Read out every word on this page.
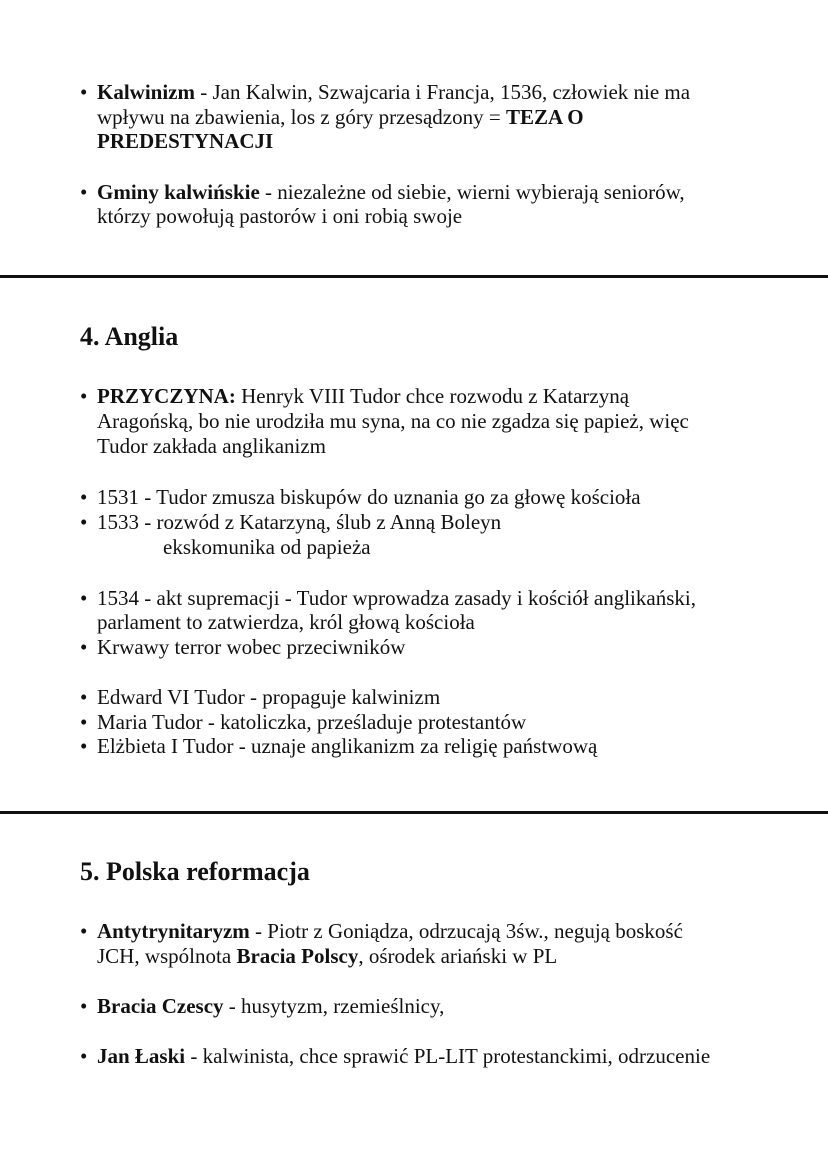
• Kalwinizm - Jan Kalwin, Szwajcaria i Francja, 1536, człowiek nie ma
wpływu na zbawienia, los z góry przesądzony = TEZA O
PREDESTYNACJI
• Gminy kalwińskie - niezależne od siebie, wierni wybierają seniorów,
którzy powołują pastorów i oni robią swoje
4. Anglia
• PRZYCZYNA: Henryk VIII Tudor chce rozwodu z Katarzyną
Aragońską, bo nie urodziła mu syna, na co nie zgadza się papież, więc
Tudor zakłada anglikanizm
• 1531 - Tudor zmusza biskupów do uznania go za głowę kościoła
• 1533 - rozwód z Katarzyną, ślub z Anną Boleyn
ekskomunika od papieża
• 1534 - akt supremacji - Tudor wprowadza zasady i kościół anglikański,
parlament to zatwierdza, król głową kościoła
• Krwawy terror wobec przeciwników
• Edward VI Tudor - propaguje kalwinizm
• Maria Tudor - katoliczka, prześladuje protestantów
• Elżbieta I Tudor - uznaje anglikanizm za religię państwową
5. Polska reformacja
• Antytrynitaryzm - Piotr z Goniądza, odrzucają 3św., negują boskość
JCH, wspólnota Bracia Polscy, ośrodek ariański w PL
• Bracia Czescy - husytyzm, rzemieślnicy,
• Jan Łaski - kalwinista, chce sprawić PL-LIT protestanckimi, odrzucenie
